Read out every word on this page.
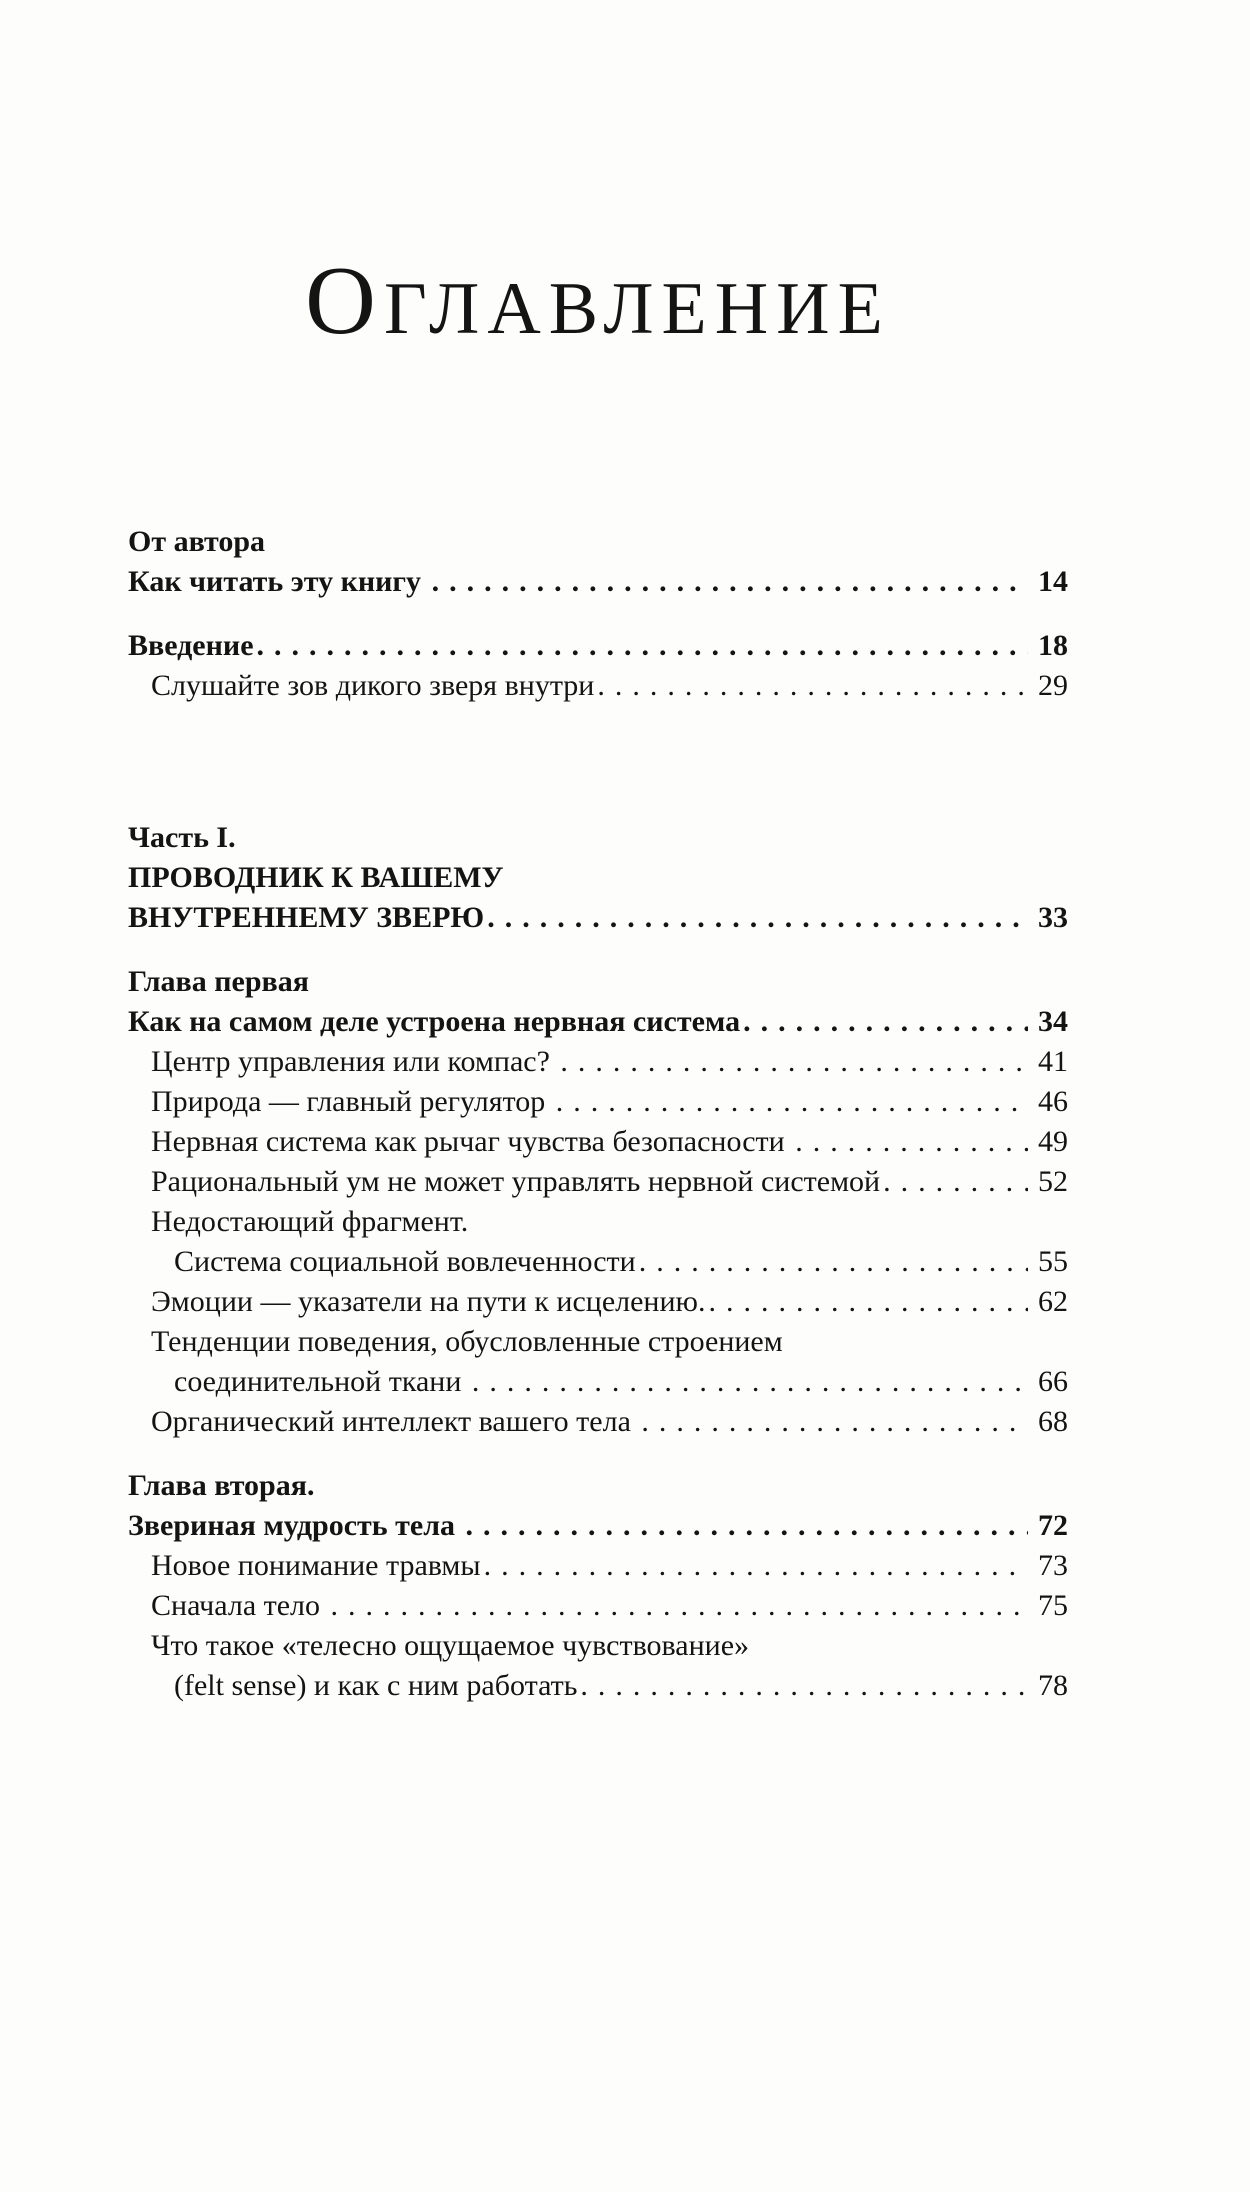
ОГЛАВЛЕНИЕ
От автора
Как читать эту книгу .....	14
Введение .....	18
Слушайте зов дикого зверя внутри .....	29
Часть I.
ПРОВОДНИК К ВАШЕМУ
ВНУТРЕННЕМУ ЗВЕРЮ .....	33
Глава первая
Как на самом деле устроена нервная система .....	34
Центр управления или компас? .....	41
Природа — главный регулятор .....	46
Нервная система как рычаг чувства безопасности .....	49
Рациональный ум не может управлять нервной системой .....	52
Недостающий фрагмент.
Система социальной вовлеченности .....	55
Эмоции — указатели на пути к исцелению. .....	62
Тенденции поведения, обусловленные строением
соединительной ткани .....	66
Органический интеллект вашего тела .....	68
Глава вторая.
Звериная мудрость тела .....	72
Новое понимание травмы .....	73
Сначала тело .....	75
Что такое «телесно ощущаемое чувствование»
(felt sense) и как с ним работать .....	78
